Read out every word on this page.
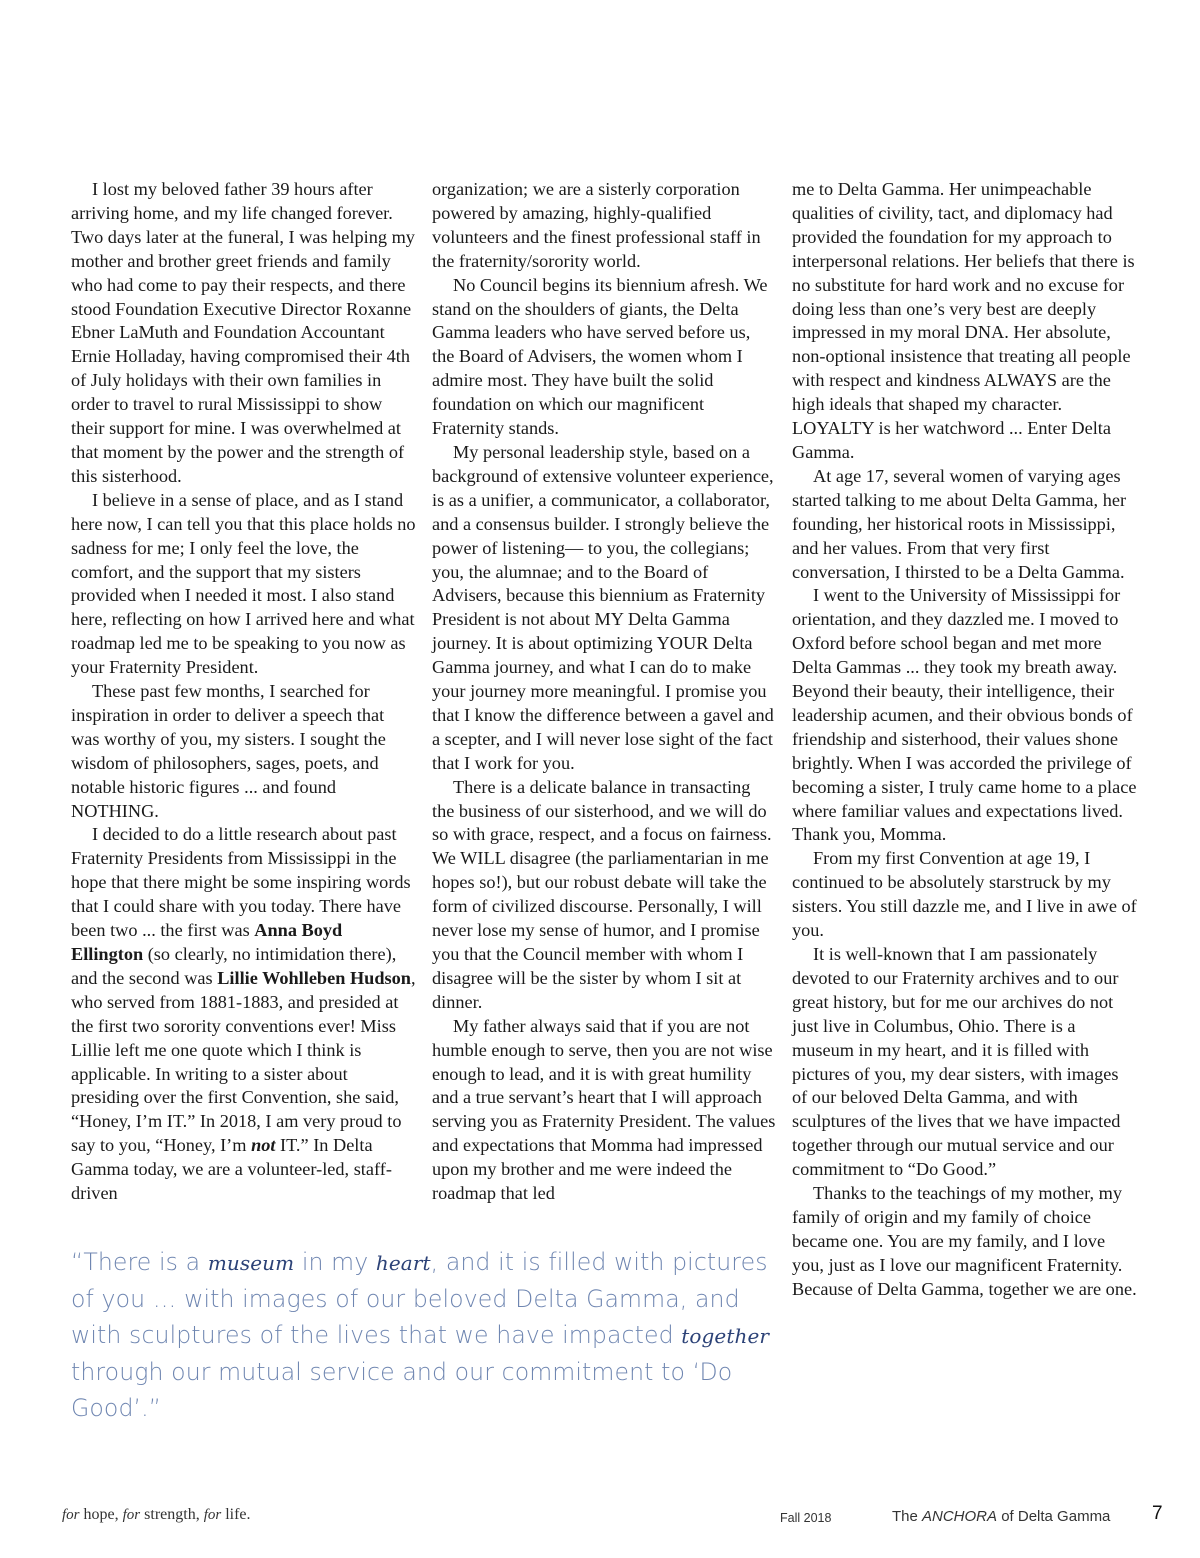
I lost my beloved father 39 hours after arriving home, and my life changed forever. Two days later at the funeral, I was helping my mother and brother greet friends and family who had come to pay their respects, and there stood Foundation Executive Director Roxanne Ebner LaMuth and Foundation Accountant Ernie Holladay, having compromised their 4th of July holidays with their own families in order to travel to rural Mississippi to show their support for mine. I was overwhelmed at that moment by the power and the strength of this sisterhood.

I believe in a sense of place, and as I stand here now, I can tell you that this place holds no sadness for me; I only feel the love, the comfort, and the support that my sisters provided when I needed it most. I also stand here, reflecting on how I arrived here and what roadmap led me to be speaking to you now as your Fraternity President.

These past few months, I searched for inspiration in order to deliver a speech that was worthy of you, my sisters. I sought the wisdom of philosophers, sages, poets, and notable historic figures ... and found NOTHING.

I decided to do a little research about past Fraternity Presidents from Mississippi in the hope that there might be some inspiring words that I could share with you today. There have been two ... the first was Anna Boyd Ellington (so clearly, no intimidation there), and the second was Lillie Wohlleben Hudson, who served from 1881-1883, and presided at the first two sorority conventions ever! Miss Lillie left me one quote which I think is applicable. In writing to a sister about presiding over the first Convention, she said, “Honey, I’m IT.” In 2018, I am very proud to say to you, “Honey, I’m not IT.” In Delta Gamma today, we are a volunteer-led, staff-driven

organization; we are a sisterly corporation powered by amazing, highly-qualified volunteers and the finest professional staff in the fraternity/sorority world.

No Council begins its biennium afresh. We stand on the shoulders of giants, the Delta Gamma leaders who have served before us, the Board of Advisers, the women whom I admire most. They have built the solid foundation on which our magnificent Fraternity stands.

My personal leadership style, based on a background of extensive volunteer experience, is as a unifier, a communicator, a collaborator, and a consensus builder. I strongly believe the power of listening— to you, the collegians; you, the alumnae; and to the Board of Advisers, because this biennium as Fraternity President is not about MY Delta Gamma journey. It is about optimizing YOUR Delta Gamma journey, and what I can do to make your journey more meaningful. I promise you that I know the difference between a gavel and a scepter, and I will never lose sight of the fact that I work for you.

There is a delicate balance in transacting the business of our sisterhood, and we will do so with grace, respect, and a focus on fairness. We WILL disagree (the parliamentarian in me hopes so!), but our robust debate will take the form of civilized discourse. Personally, I will never lose my sense of humor, and I promise you that the Council member with whom I disagree will be the sister by whom I sit at dinner.

My father always said that if you are not humble enough to serve, then you are not wise enough to lead, and it is with great humility and a true servant’s heart that I will approach serving you as Fraternity President. The values and expectations that Momma had impressed upon my brother and me were indeed the roadmap that led

me to Delta Gamma. Her unimpeachable qualities of civility, tact, and diplomacy had provided the foundation for my approach to interpersonal relations. Her beliefs that there is no substitute for hard work and no excuse for doing less than one’s very best are deeply impressed in my moral DNA. Her absolute, non-optional insistence that treating all people with respect and kindness ALWAYS are the high ideals that shaped my character. LOYALTY is her watchword ... Enter Delta Gamma.

At age 17, several women of varying ages started talking to me about Delta Gamma, her founding, her historical roots in Mississippi, and her values. From that very first conversation, I thirsted to be a Delta Gamma.

I went to the University of Mississippi for orientation, and they dazzled me. I moved to Oxford before school began and met more Delta Gammas ... they took my breath away. Beyond their beauty, their intelligence, their leadership acumen, and their obvious bonds of friendship and sisterhood, their values shone brightly. When I was accorded the privilege of becoming a sister, I truly came home to a place where familiar values and expectations lived. Thank you, Momma.

From my first Convention at age 19, I continued to be absolutely starstruck by my sisters. You still dazzle me, and I live in awe of you.

It is well-known that I am passionately devoted to our Fraternity archives and to our great history, but for me our archives do not just live in Columbus, Ohio. There is a museum in my heart, and it is filled with pictures of you, my dear sisters, with images of our beloved Delta Gamma, and with sculptures of the lives that we have impacted together through our mutual service and our commitment to “Do Good.”

Thanks to the teachings of my mother, my family of origin and my family of choice became one. You are my family, and I love you, just as I love our magnificent Fraternity. Because of Delta Gamma, together we are one.

“There is a museum in my heart, and it is filled with pictures of you … with images of our beloved Delta Gamma, and with sculptures of the lives that we have impacted together through our mutual service and our commitment to ‘Do Good’.”
for hope, for strength, for life.	Fall 2018	The ANCHORA of Delta Gamma 7
